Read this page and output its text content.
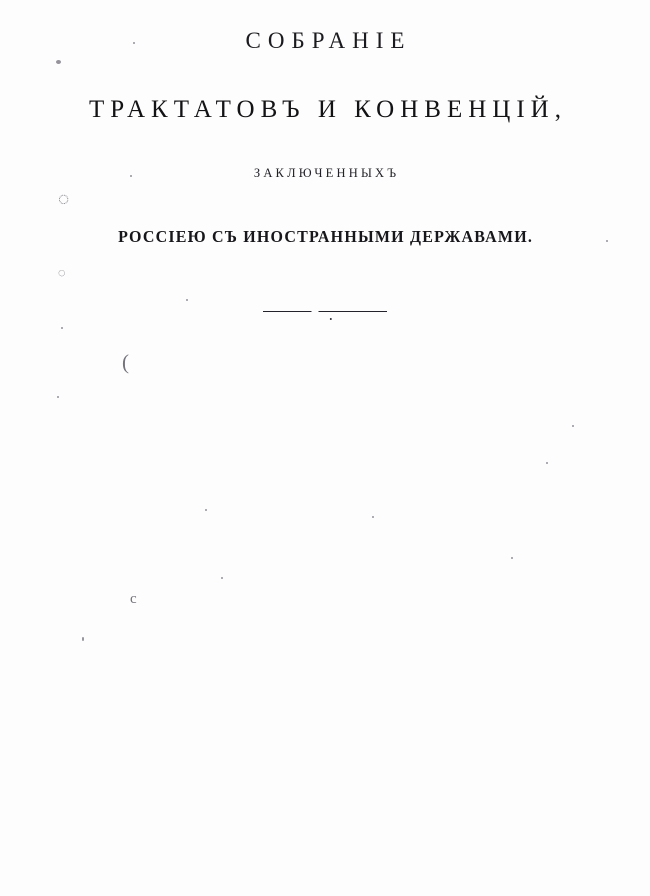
СОБРАНIЕ
ТРАКТАТОВЪ И КОНВЕНЦIЙ,
ЗАКЛЮЧЕННЫХЪ
РОССIЕЮ СЪ ИНОСТРАННЫМИ ДЕРЖАВАМИ.
◌
◌
(
c
